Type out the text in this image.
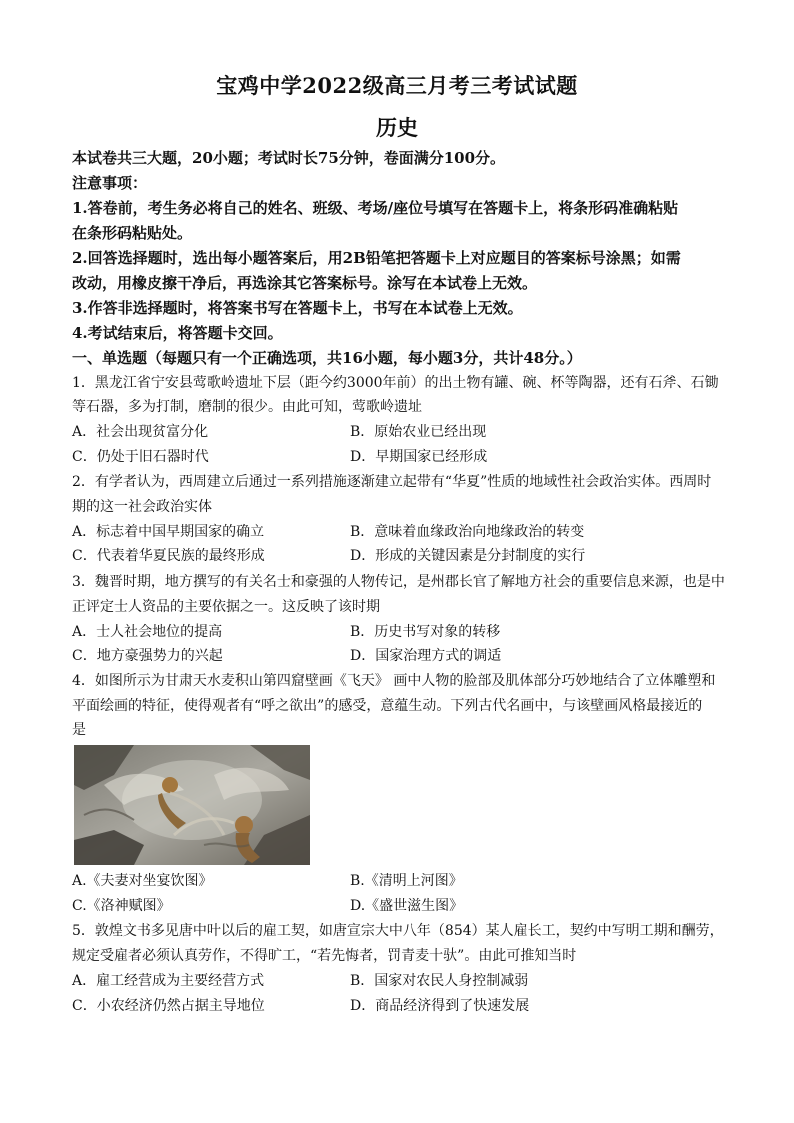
宝鸡中学2022级高三月考三考试试题
历史
本试卷共三大题，20小题；考试时长75分钟，卷面满分100分。
注意事项：
1.答卷前，考生务必将自己的姓名、班级、考场/座位号填写在答题卡上，将条形码准确粘贴
在条形码粘贴处。
2.回答选择题时，选出每小题答案后，用2B铅笔把答题卡上对应题目的答案标号涂黑；如需
改动，用橡皮擦干净后，再选涂其它答案标号。涂写在本试卷上无效。
3.作答非选择题时，将答案书写在答题卡上，书写在本试卷上无效。
4.考试结束后，将答题卡交回。
一、单选题（每题只有一个正确选项，共16小题，每小题3分，共计48分。）
1．黑龙江省宁安县莺歌岭遗址下层（距今约3000年前）的出土物有罐、碗、杯等陶器，还有石斧、石锄
等石器，多为打制，磨制的很少。由此可知，莺歌岭遗址
A．社会出现贫富分化	B．原始农业已经出现
C．仍处于旧石器时代	D．早期国家已经形成
2．有学者认为，西周建立后通过一系列措施逐渐建立起带有“华夏”性质的地域性社会政治实体。西周时
期的这一社会政治实体
A．标志着中国早期国家的确立	B．意味着血缘政治向地缘政治的转变
C．代表着华夏民族的最终形成	D．形成的关键因素是分封制度的实行
3．魏晋时期，地方撰写的有关名士和豪强的人物传记，是州郡长官了解地方社会的重要信息来源，也是中
正评定士人资品的主要依据之一。这反映了该时期
A．士人社会地位的提高	B．历史书写对象的转移
C．地方豪强势力的兴起	D．国家治理方式的调适
4．如图所示为甘肃天水麦积山第四窟壁画《飞天》 画中人物的脸部及肌体部分巧妙地结合了立体雕塑和
平面绘画的特征，使得观者有“呼之欲出”的感受，意蕴生动。下列古代名画中，与该壁画风格最接近的
是
A.《夫妻对坐宴饮图》	B.《清明上河图》
C.《洛神赋图》	D.《盛世滋生图》
5．敦煌文书多见唐中叶以后的雇工契，如唐宣宗大中八年（854）某人雇长工，契约中写明工期和酬劳，
规定受雇者必须认真劳作，不得旷工，“若先悔者，罚青麦十驮”。由此可推知当时
A．雇工经营成为主要经营方式	B．国家对农民人身控制减弱
C．小农经济仍然占据主导地位	D．商品经济得到了快速发展
